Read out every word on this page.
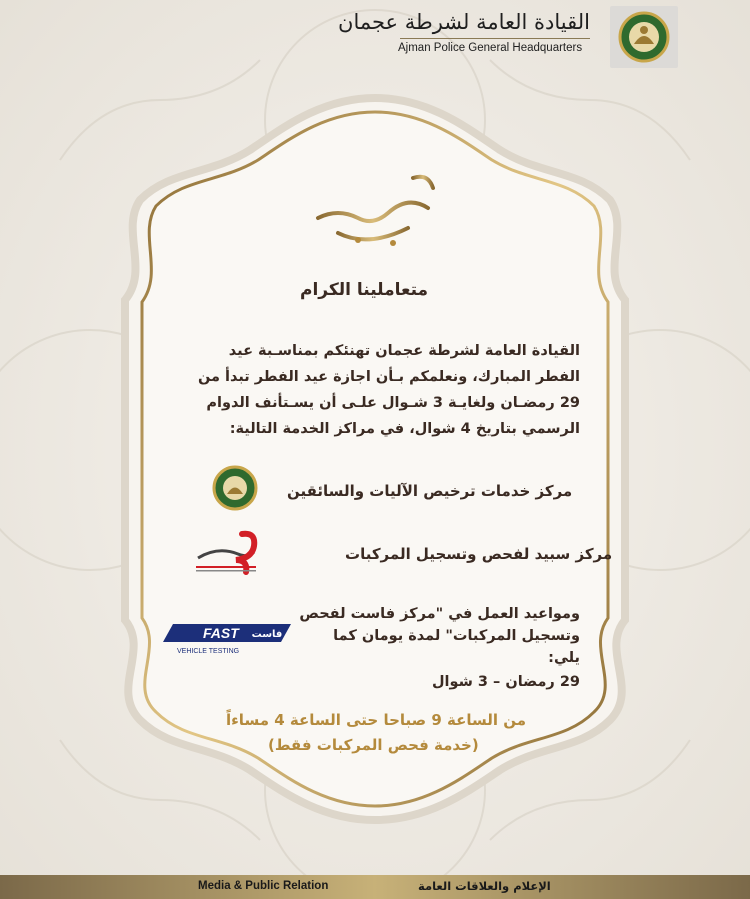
القيادة العامة لشرطة عجمان
Ajman Police General Headquarters
متعاملينا الكرام
القيادة العامة لشرطة عجمان تهنئكم بمناسـبة عيد
الفطر المبارك، ونعلمكم بـأن اجازة عيد الفطر تبدأ من
29 رمضـان ولغايـة 3 شـوال علـى أن يسـتأنف الدوام
الرسمي بتاريخ 4 شوال، في مراكز الخدمة التالية:
مركز خدمات ترخيص الآليات والسائقين
مركز سبيد لفحص وتسجيل المركبات
FAST فاست
VEHICLE TESTING
ومواعيد العمل في "مركز فاست لفحص
وتسجيل المركبات" لمدة يومان كما يلي:
29 رمضان – 3 شوال
من الساعة 9 صباحا حتى الساعة 4 مساءاً
(خدمة فحص المركبات فقط)
Media & Public Relation	الإعلام والعلاقات العامة
